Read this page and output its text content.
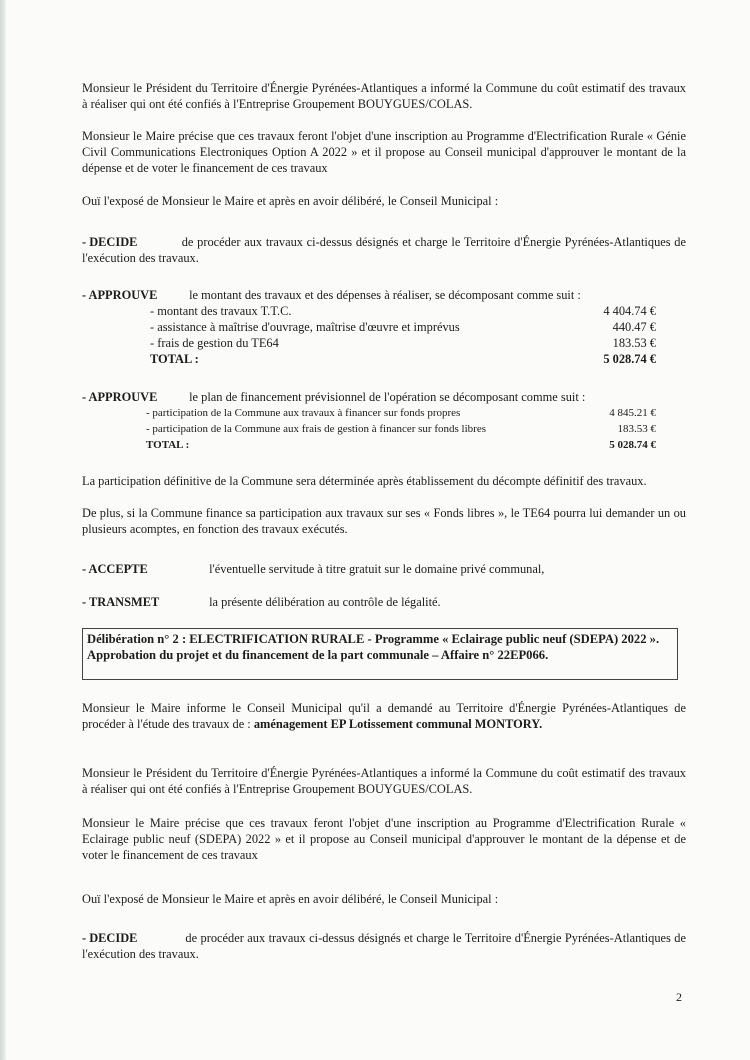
Monsieur le Président du Territoire d'Énergie Pyrénées-Atlantiques a informé la Commune du coût estimatif des travaux à réaliser qui ont été confiés à l'Entreprise Groupement BOUYGUES/COLAS.

Monsieur le Maire précise que ces travaux feront l'objet d'une inscription au Programme d'Electrification Rurale « Génie Civil Communications Electroniques Option A 2022 » et il propose au Conseil municipal d'approuver le montant de la dépense et de voter le financement de ces travaux

Ouï l'exposé de Monsieur le Maire et après en avoir délibéré, le Conseil Municipal :

- DECIDE	de procéder aux travaux ci-dessus désignés et charge le Territoire d'Énergie Pyrénées-Atlantiques de l'exécution des travaux.

- APPROUVE	le montant des travaux et des dépenses à réaliser, se décomposant comme suit :

- montant des travaux T.T.C.	4 404.74 €
- assistance à maîtrise d'ouvrage, maîtrise d'œuvre et imprévus	440.47 €
- frais de gestion du TE64	183.53 €
TOTAL :	5 028.74 €

- APPROUVE	le plan de financement prévisionnel de l'opération se décomposant comme suit :

- participation de la Commune aux travaux à financer sur fonds propres	4 845.21 €
- participation de la Commune aux frais de gestion à financer sur fonds libres	183.53 €
TOTAL :	5 028.74 €

La participation définitive de la Commune sera déterminée après établissement du décompte définitif des travaux.

De plus, si la Commune finance sa participation aux travaux sur ses « Fonds libres », le TE64 pourra lui demander un ou plusieurs acomptes, en fonction des travaux exécutés.

- ACCEPTE	l'éventuelle servitude à titre gratuit sur le domaine privé communal,

- TRANSMET	la présente délibération au contrôle de légalité.

Délibération n° 2 : ELECTRIFICATION RURALE - Programme « Eclairage public neuf (SDEPA) 2022 ». Approbation du projet et du financement de la part communale – Affaire n° 22EP066.

Monsieur le Maire informe le Conseil Municipal qu'il a demandé au Territoire d'Énergie Pyrénées-Atlantiques de procéder à l'étude des travaux de : aménagement EP Lotissement communal MONTORY.

Monsieur le Président du Territoire d'Énergie Pyrénées-Atlantiques a informé la Commune du coût estimatif des travaux à réaliser qui ont été confiés à l'Entreprise Groupement BOUYGUES/COLAS.

Monsieur le Maire précise que ces travaux feront l'objet d'une inscription au Programme d'Electrification Rurale « Eclairage public neuf (SDEPA) 2022 » et il propose au Conseil municipal d'approuver le montant de la dépense et de voter le financement de ces travaux

Ouï l'exposé de Monsieur le Maire et après en avoir délibéré, le Conseil Municipal :

- DECIDE	de procéder aux travaux ci-dessus désignés et charge le Territoire d'Énergie Pyrénées-Atlantiques de l'exécution des travaux.

2
